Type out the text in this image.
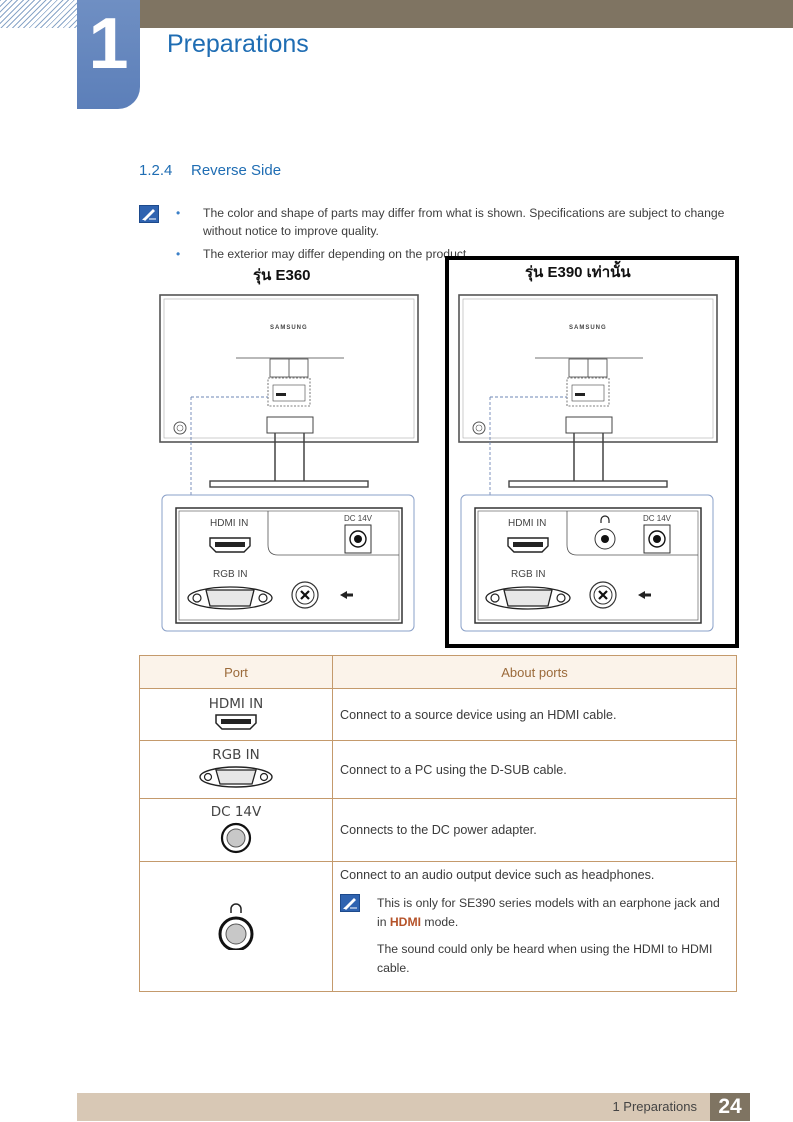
1	Preparations
1.2.4 Reverse Side
• The color and shape of parts may differ from what is shown. Specifications are subject to change without notice to improve quality.
• The exterior may differ depending on the product.
รุ่น E360	รุ่น E390 เท่านั้น
SAMSUNG	SAMSUNG
HDMI IN
RGB IN
DC 14V	HDMI IN
RGB IN
DC 14V
Port	About ports

HDMI IN	Connect to a source device using an HDMI cable.

RGB IN	Connect to a PC using the D-SUB cable.

DC 14V	Connects to the DC power adapter.

Connect to an audio output device such as headphones.

This is only for SE390 series models with an earphone jack and in HDMI mode.

The sound could only be heard when using the HDMI to HDMI cable.

1 Preparations	24
